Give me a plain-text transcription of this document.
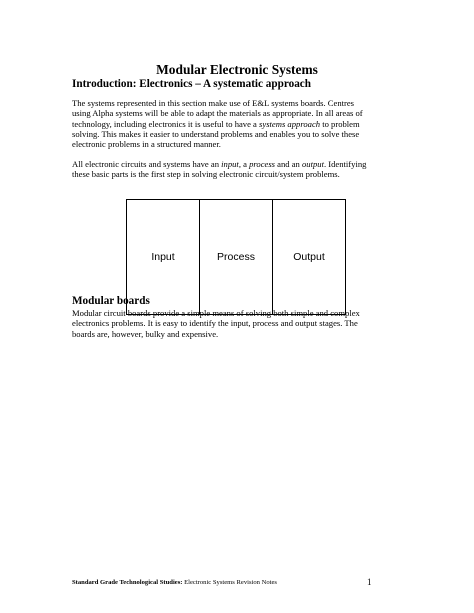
Modular Electronic Systems
Introduction: Electronics – A systematic approach

The systems represented in this section make use of E&L systems boards. Centres
using Alpha systems will be able to adapt the materials as appropriate. In all areas of
technology, including electronics it is useful to have a systems approach to problem
solving. This makes it easier to understand problems and enables you to solve these
electronic problems in a structured manner.

All electronic circuits and systems have an input, a process and an output. Identifying
these basic parts is the first step in solving electronic circuit/system problems.

Input	Process	Output
Modular boards

Modular circuit boards provide a simple means of solving both simple and complex
electronics problems. It is easy to identify the input, process and output stages. The
boards are, however, bulky and expensive.

Standard Grade Technological Studies: Electronic Systems Revision Notes	1
